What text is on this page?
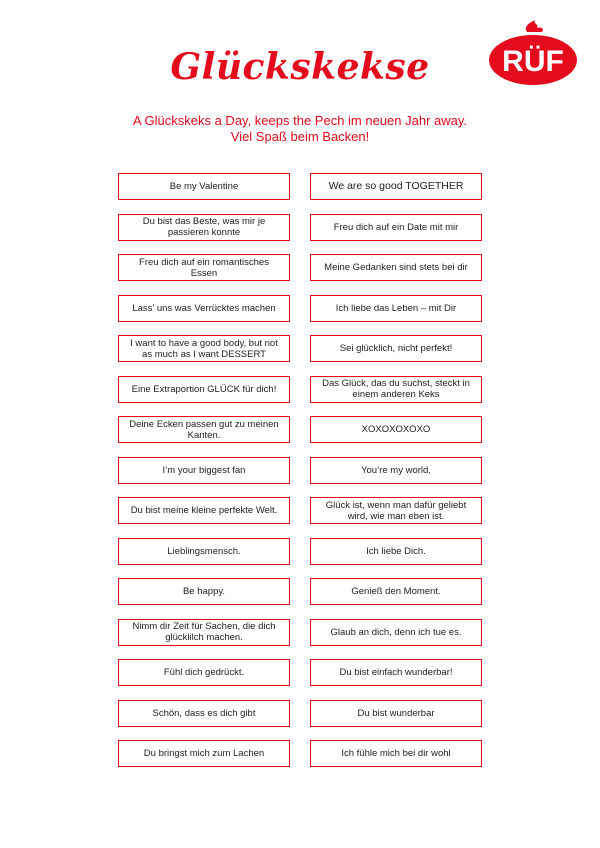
RÜF
Glückskekse
A Glückskeks a Day, keeps the Pech im neuen Jahr away.
Viel Spaß beim Backen!
Be my Valentine	We are so good TOGETHER
Du bist das Beste, was mir je passieren konnte	Freu dich auf ein Date mit mir
Freu dich auf ein romantisches Essen	Meine Gedanken sind stets bei dir
Lass’ uns was Verrücktes machen	Ich liebe das Leben – mit Dir
I want to have a good body, but not as much as I want DESSERT	Sei glücklich, nicht perfekt!
Eine Extraportion GLÜCK für dich!	Das Glück, das du suchst, steckt in einem anderen Keks
Deine Ecken passen gut zu meinen Kanten.	XOXOXOXOXO
I’m your biggest fan	You’re my world.
Du bist meine kleine perfekte Welt.	Glück ist, wenn man dafür geliebt wird, wie man eben ist.
Lieblingsmensch.	Ich liebe Dich.
Be happy.	Genieß den Moment.
Nimm dir Zeit für Sachen, die dich glücklilch machen.	Glaub an dich, denn ich tue es.
Fühl dich gedrückt.	Du bist einfach wunderbar!
Schön, dass es dich gibt	Du bist wunderbar
Du bringst mich zum Lachen	Ich fühle mich bei dir wohl
